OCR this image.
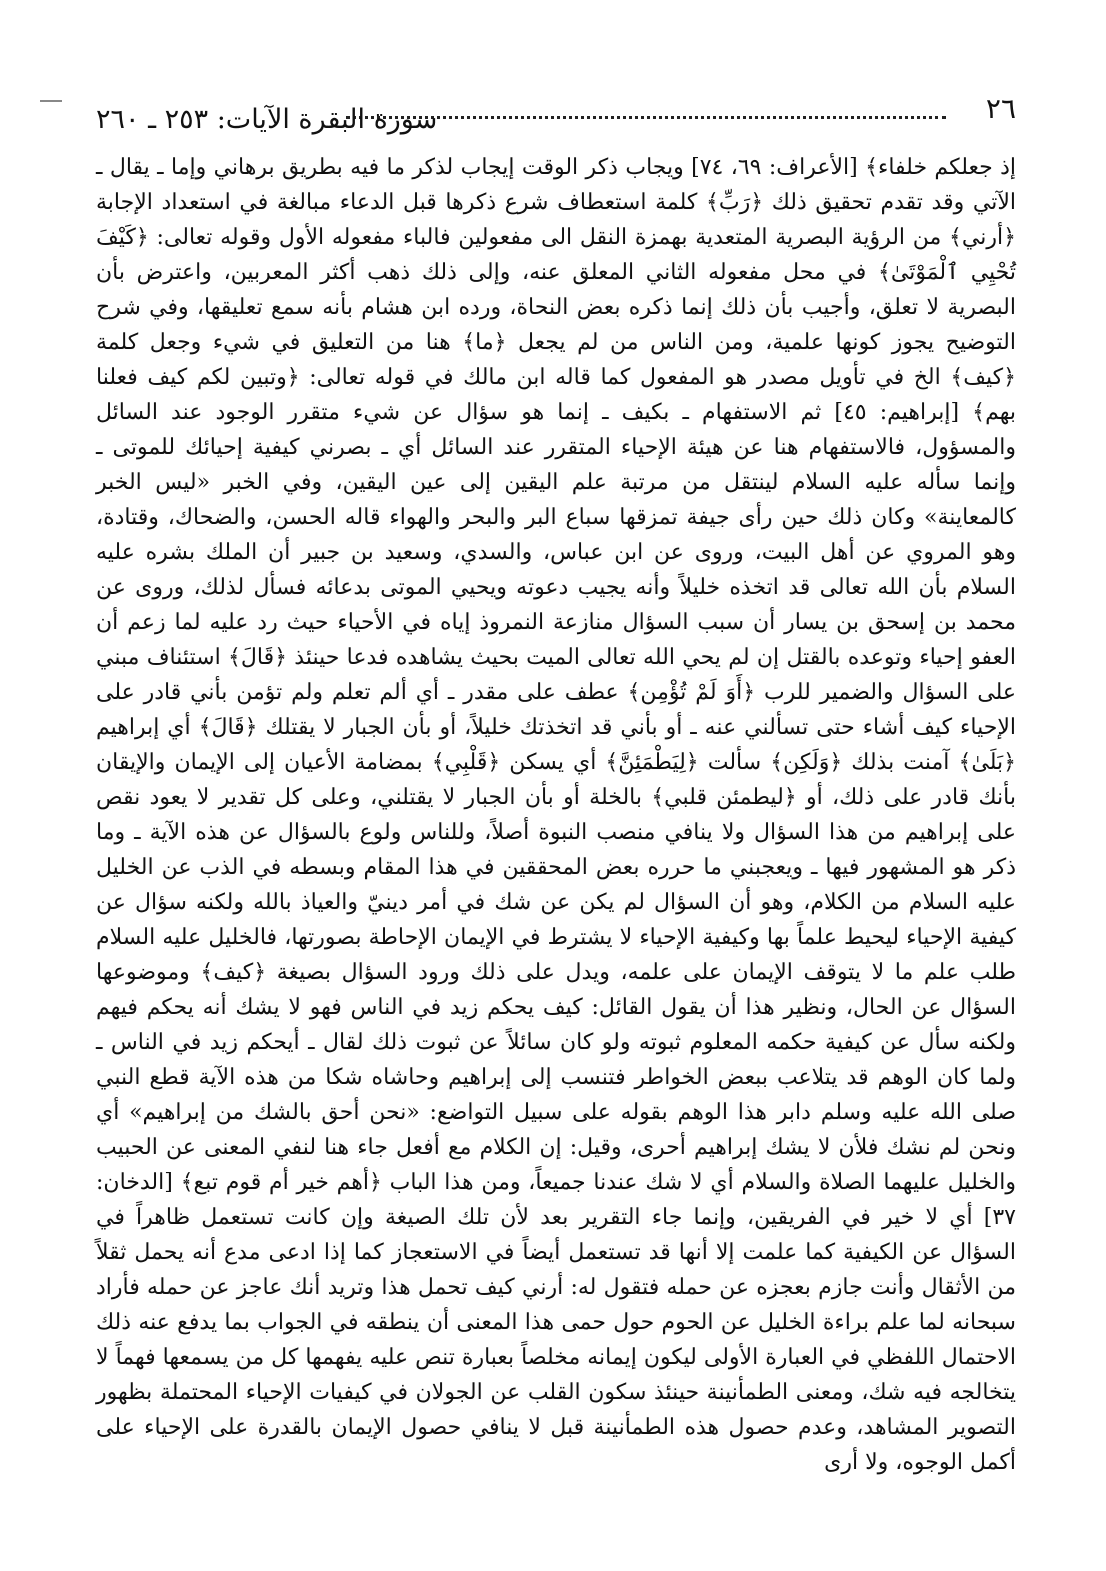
٢٦
سورة البقرة الآيات: ٢٥٣ ـ ٢٦٠

إذ جعلكم خلفاء﴾ [الأعراف: ٦٩، ٧٤] ويجاب ذكر الوقت إيجاب لذكر ما فيه بطريق برهاني وإما ـ يقال ـ الآتي وقد تقدم تحقيق ذلك ﴿رَبِّ﴾ كلمة استعطاف شرع ذكرها قبل الدعاء مبالغة في استعداد الإجابة ﴿أرني﴾ من الرؤية البصرية المتعدية بهمزة النقل الى مفعولين فالباء مفعوله الأول وقوله تعالى: ﴿كَيْفَ تُحْيِي ٱلْمَوْتَىٰ﴾ في محل مفعوله الثاني المعلق عنه، وإلى ذلك ذهب أكثر المعربين، واعترض بأن البصرية لا تعلق، وأجيب بأن ذلك إنما ذكره بعض النحاة، ورده ابن هشام بأنه سمع تعليقها، وفي شرح التوضيح يجوز كونها علمية، ومن الناس من لم يجعل ﴿ما﴾ هنا من التعليق في شيء وجعل كلمة ﴿كيف﴾ الخ في تأويل مصدر هو المفعول كما قاله ابن مالك في قوله تعالى: ﴿وتبين لكم كيف فعلنا بهم﴾ [إبراهيم: ٤٥] ثم الاستفهام ـ بكيف ـ إنما هو سؤال عن شيء متقرر الوجود عند السائل والمسؤول، فالاستفهام هنا عن هيئة الإحياء المتقرر عند السائل أي ـ بصرني كيفية إحيائك للموتى ـ وإنما سأله عليه السلام لينتقل من مرتبة علم اليقين إلى عين اليقين، وفي الخبر «ليس الخبر كالمعاينة» وكان ذلك حين رأى جيفة تمزقها سباع البر والبحر والهواء قاله الحسن، والضحاك، وقتادة، وهو المروي عن أهل البيت، وروى عن ابن عباس، والسدي، وسعيد بن جبير أن الملك بشره عليه السلام بأن الله تعالى قد اتخذه خليلاً وأنه يجيب دعوته ويحيي الموتى بدعائه فسأل لذلك، وروى عن محمد بن إسحق بن يسار أن سبب السؤال منازعة النمروذ إياه في الأحياء حيث رد عليه لما زعم أن العفو إحياء وتوعده بالقتل إن لم يحي الله تعالى الميت بحيث يشاهده فدعا حينئذ ﴿قَالَ﴾ استئناف مبني على السؤال والضمير للرب ﴿أَوَ لَمْ تُؤْمِن﴾ عطف على مقدر ـ أي ألم تعلم ولم تؤمن بأني قادر على الإحياء كيف أشاء حتى تسألني عنه ـ أو بأني قد اتخذتك خليلاً، أو بأن الجبار لا يقتلك ﴿قَالَ﴾ أي إبراهيم ﴿بَلَىٰ﴾ آمنت بذلك ﴿وَلَكِن﴾ سألت ﴿لِيَطْمَئِنَّ﴾ أي يسكن ﴿قَلْبِي﴾ بمضامة الأعيان إلى الإيمان والإيقان بأنك قادر على ذلك، أو ﴿ليطمئن قلبي﴾ بالخلة أو بأن الجبار لا يقتلني، وعلى كل تقدير لا يعود نقص على إبراهيم من هذا السؤال ولا ينافي منصب النبوة أصلاً، وللناس ولوع بالسؤال عن هذه الآية ـ وما ذكر هو المشهور فيها ـ ويعجبني ما حرره بعض المحققين في هذا المقام وبسطه في الذب عن الخليل عليه السلام من الكلام، وهو أن السؤال لم يكن عن شك في أمر دينيّ والعياذ بالله ولكنه سؤال عن كيفية الإحياء ليحيط علماً بها وكيفية الإحياء لا يشترط في الإيمان الإحاطة بصورتها، فالخليل عليه السلام طلب علم ما لا يتوقف الإيمان على علمه، ويدل على ذلك ورود السؤال بصيغة ﴿كيف﴾ وموضوعها السؤال عن الحال، ونظير هذا أن يقول القائل: كيف يحكم زيد في الناس فهو لا يشك أنه يحكم فيهم ولكنه سأل عن كيفية حكمه المعلوم ثبوته ولو كان سائلاً عن ثبوت ذلك لقال ـ أيحكم زيد في الناس ـ ولما كان الوهم قد يتلاعب ببعض الخواطر فتنسب إلى إبراهيم وحاشاه شكا من هذه الآية قطع النبي صلى الله عليه وسلم دابر هذا الوهم بقوله على سبيل التواضع: «نحن أحق بالشك من إبراهيم» أي ونحن لم نشك فلأن لا يشك إبراهيم أحرى، وقيل: إن الكلام مع أفعل جاء هنا لنفي المعنى عن الحبيب والخليل عليهما الصلاة والسلام أي لا شك عندنا جميعاً، ومن هذا الباب ﴿أهم خير أم قوم تبع﴾ [الدخان: ٣٧] أي لا خير في الفريقين، وإنما جاء التقرير بعد لأن تلك الصيغة وإن كانت تستعمل ظاهراً في السؤال عن الكيفية كما علمت إلا أنها قد تستعمل أيضاً في الاستعجاز كما إذا ادعى مدع أنه يحمل ثقلاً من الأثقال وأنت جازم بعجزه عن حمله فتقول له: أرني كيف تحمل هذا وتريد أنك عاجز عن حمله فأراد سبحانه لما علم براءة الخليل عن الحوم حول حمى هذا المعنى أن ينطقه في الجواب بما يدفع عنه ذلك الاحتمال اللفظي في العبارة الأولى ليكون إيمانه مخلصاً بعبارة تنص عليه يفهمها كل من يسمعها فهماً لا يتخالجه فيه شك، ومعنى الطمأنينة حينئذ سكون القلب عن الجولان في كيفيات الإحياء المحتملة بظهور التصوير المشاهد، وعدم حصول هذه الطمأنينة قبل لا ينافي حصول الإيمان بالقدرة على الإحياء على أكمل الوجوه، ولا أرى
